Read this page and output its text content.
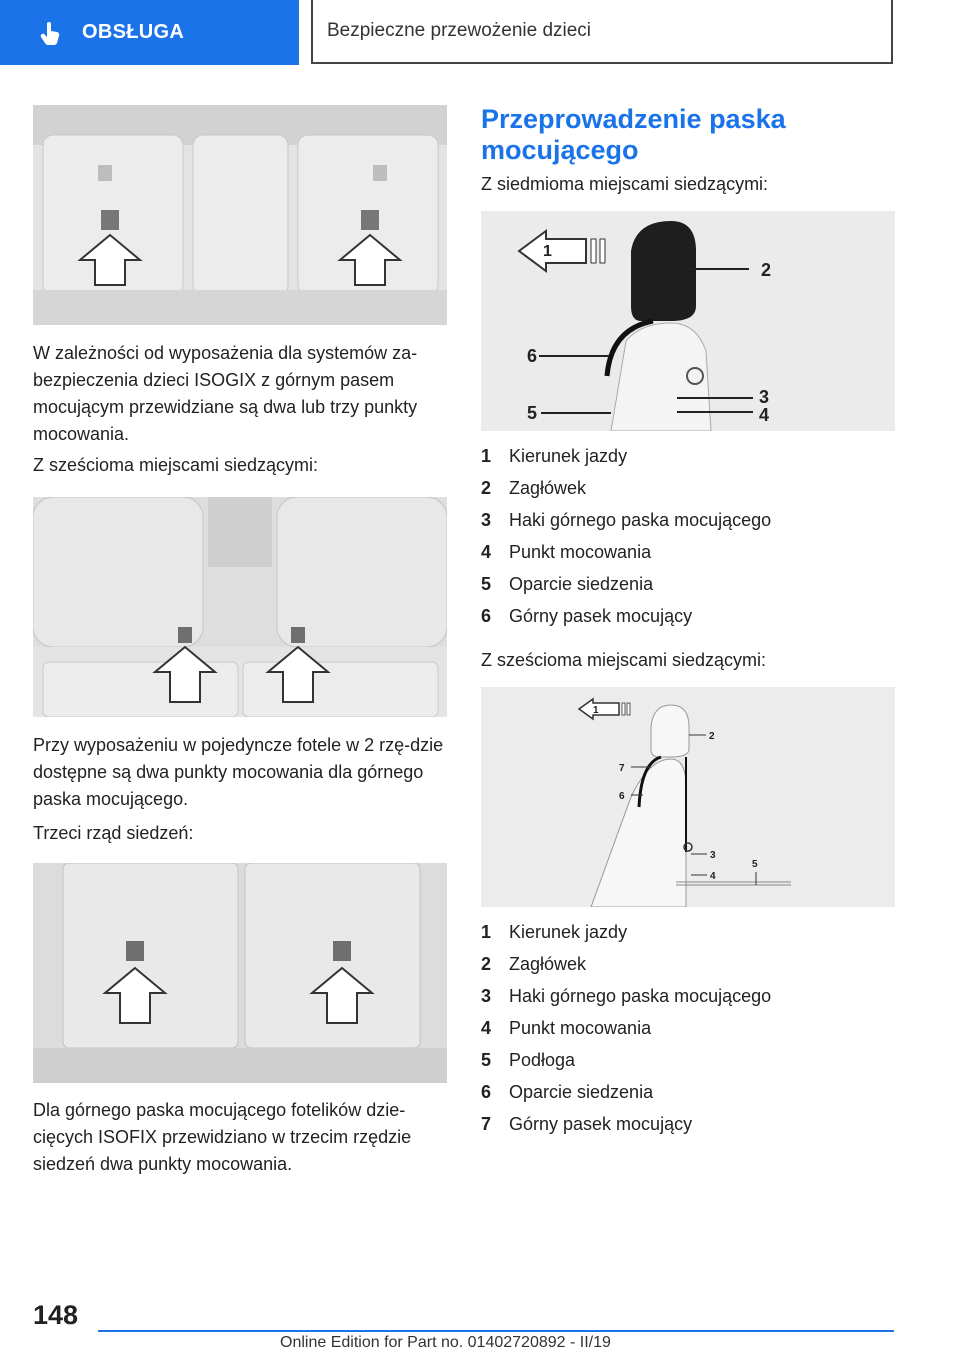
OBSŁUGA	Bezpieczne przewożenie dzieci

W zależności od wyposażenia dla systemów za-bezpieczenia dzieci ISOGIX z górnym pasem mocującym przewidziane są dwa lub trzy punkty mocowania.

Z sześcioma miejscami siedzącymi:

Przy wyposażeniu w pojedyncze fotele w 2 rzę-dzie dostępne są dwa punkty mocowania dla górnego paska mocującego.

Trzeci rząd siedzeń:

Dla górnego paska mocującego fotelików dzie-cięcych ISOFIX przewidziano w trzecim rzędzie siedzeń dwa punkty mocowania.

Przeprowadzenie paska mocującego

Z siedmioma miejscami siedzącymi:

1
2
6
5
3
4
1 Kierunek jazdy
2 Zagłówek
3 Haki górnego paska mocującego
4 Punkt mocowania
5 Oparcie siedzenia
6 Górny pasek mocujący

Z sześcioma miejscami siedzącymi:

1
2
7
6
3
4
5
1 Kierunek jazdy
2 Zagłówek
3 Haki górnego paska mocującego
4 Punkt mocowania
5 Podłoga
6 Oparcie siedzenia
7 Górny pasek mocujący
148
Online Edition for Part no. 01402720892 - II/19
